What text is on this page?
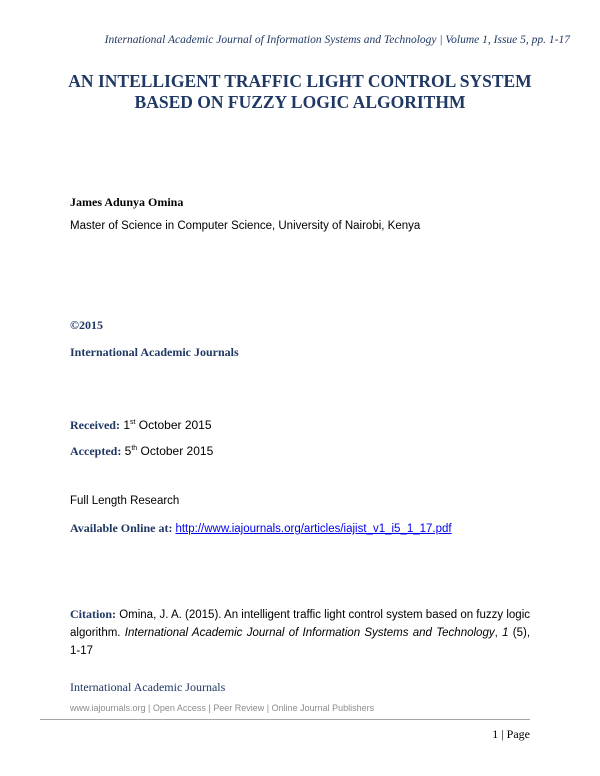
International Academic Journal of Information Systems and Technology | Volume 1, Issue 5, pp. 1-17
AN INTELLIGENT TRAFFIC LIGHT CONTROL SYSTEM
BASED ON FUZZY LOGIC ALGORITHM
James Adunya Omina
Master of Science in Computer Science, University of Nairobi, Kenya
©2015
International Academic Journals
Received: 1st October 2015
Accepted: 5th October 2015
Full Length Research
Available Online at: http://www.iajournals.org/articles/iajist_v1_i5_1_17.pdf
Citation: Omina, J. A. (2015). An intelligent traffic light control system based on fuzzy logic algorithm. International Academic Journal of Information Systems and Technology, 1 (5), 1-17
International Academic Journals
www.iajournals.org | Open Access | Peer Review | Online Journal Publishers
1 | Page
